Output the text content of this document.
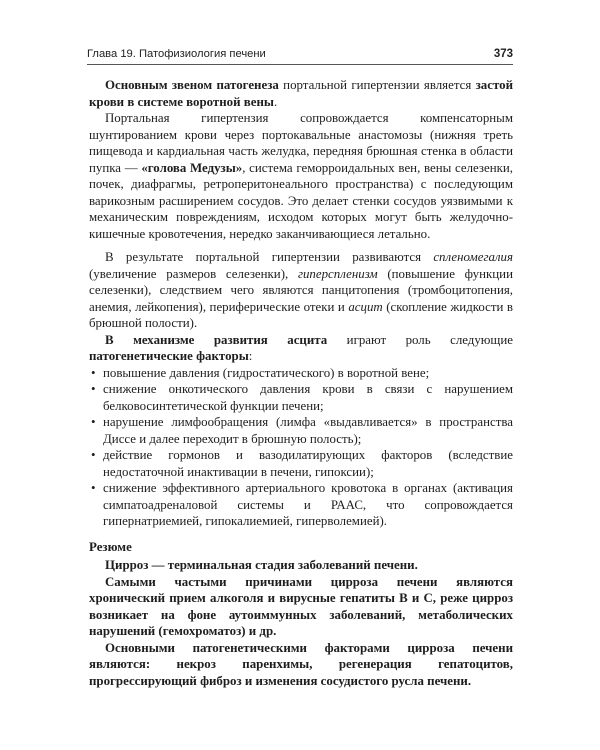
Глава 19. Патофизиология печени	373

Основным звеном патогенеза портальной гипертензии является застой крови в системе воротной вены.

Портальная гипертензия сопровождается компенсаторным шунтированием крови через портокавальные анастомозы (нижняя треть пищевода и кардиальная часть желудка, передняя брюшная стенка в области пупка — «голова Медузы», система геморроидальных вен, вены селезенки, почек, диафрагмы, ретроперитонеального пространства) с последующим варикозным расширением сосудов. Это делает стенки сосудов уязвимыми к механическим повреждениям, исходом которых могут быть желудочно-кишечные кровотечения, нередко заканчивающиеся летально.

В результате портальной гипертензии развиваются спленомегалия (увеличение размеров селезенки), гиперспленизм (повышение функции селезенки), следствием чего являются панцитопения (тромбоцитопения, анемия, лейкопения), периферические отеки и асцит (скопление жидкости в брюшной полости).

В механизме развития асцита играют роль следующие патогенетические факторы:

• повышение давления (гидростатического) в воротной вене;
• снижение онкотического давления крови в связи с нарушением белковосинтетической функции печени;
• нарушение лимфообращения (лимфа «выдавливается» в пространства Диссе и далее переходит в брюшную полость);
• действие гормонов и вазодилатирующих факторов (вследствие недостаточной инактивации в печени, гипоксии);
• снижение эффективного артериального кровотока в органах (активация симпатоадреналовой системы и РААС, что сопровождается гипернатриемией, гипокалиемией, гиперволемией).

Резюме

Цирроз — терминальная стадия заболеваний печени.

Самыми частыми причинами цирроза печени являются хронический прием алкоголя и вирусные гепатиты В и С, реже цирроз возникает на фоне аутоиммунных заболеваний, метаболических нарушений (гемохроматоз) и др.

Основными патогенетическими факторами цирроза печени являются: некроз паренхимы, регенерация гепатоцитов, прогрессирующий фиброз и изменения сосудистого русла печени.
